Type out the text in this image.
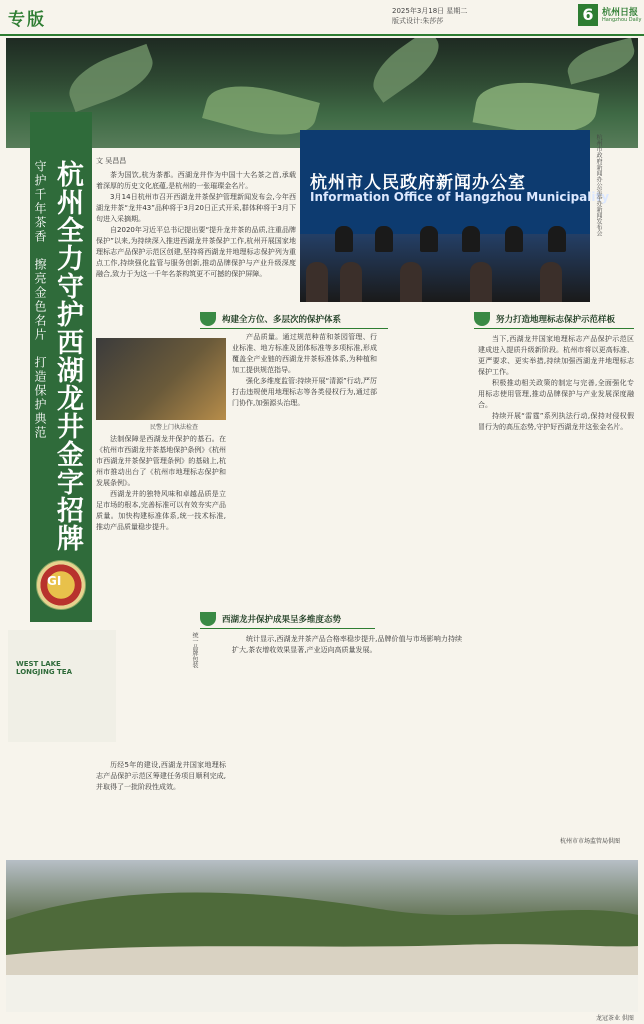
专版	2025年3月18日 星期二
版式设计:朱莎莎	6 杭州日报
Hangzhou Daily
杭州全力守护西湖龙井金字招牌
守护千年茶香 擦亮金色名片 打造保护典范
GI
文 吴昌昌

茶为国饮,杭为茶都。西湖龙井作为中国十大名茶之首,承载着深厚的历史文化底蕴,是杭州的一张璀璨金名片。

3月14日杭州市召开西湖龙井茶保护管理新闻发布会,今年西湖龙井茶“龙井43”品种将于3月20日正式开采,群体种将于3月下旬进入采摘期。

自2020年习近平总书记提出要“提升龙井茶的品质,注重品牌保护”以来,为持续深入推进西湖龙井茶保护工作,杭州开展国家地理标志产品保护示范区创建,坚持将西湖龙井地理标志保护列为重点工作,持续强化监管与服务创新,推动品牌保护与产业升级深度融合,致力于为这一千年名茶构筑更不可撼的保护屏障。

杭州市人民政府新闻办公室
Information Office of Hangzhou Municipality
杭州市政府新闻办公室举办新闻发布会
构建全方位、多层次的保护体系
民警上门执法检查

法制保障是西湖龙井保护的基石。在《杭州市西湖龙井茶基地保护条例》《杭州市西湖龙井茶保护管理条例》的基础上,杭州市推动出台了《杭州市地理标志保护和发展条例》。

西湖龙井的独特风味和卓越品质是立足市场的根本,完善标准可以有效夯实产品质量。加快构建标准体系,统一技术标准,推动产品质量稳步提升。

产品质量。通过规范种苗和茶园管理、行业标准、地方标准及团体标准等多项标准,形成覆盖全产业链的西湖龙井茶标准体系,为种植和加工提供规范指导。

强化多维度监管:持续开展“清源”行动,严厉打击违规使用地理标志等各类侵权行为,通过部门协作,加强源头治理。

西湖龙井保护成果呈多维度态势

统计显示,西湖龙井茶产品合格率稳步提升,品牌价值与市场影响力持续扩大,茶农增收效果显著,产业迈向高质量发展。

WEST LAKE LONGJING TEA
统一品牌包装

历经5年的建设,西湖龙井国家地理标志产品保护示范区筹建任务项目顺利完成,并取得了一批阶段性成效。

努力打造地理标志保护示范样板

当下,西湖龙井国家地理标志产品保护示范区建成进入提质升级新阶段。杭州市将以更高标准、更严要求、更实举措,持续加强西湖龙井地理标志保护工作。

积极推动相关政策的制定与完善,全面强化专用标志使用管理,推动品牌保护与产业发展深度融合。

持续开展“雷霆”系列执法行动,保持对侵权假冒行为的高压态势,守护好西湖龙井这张金名片。

杭州市市场监管局供图
龙冠茶业 供图
